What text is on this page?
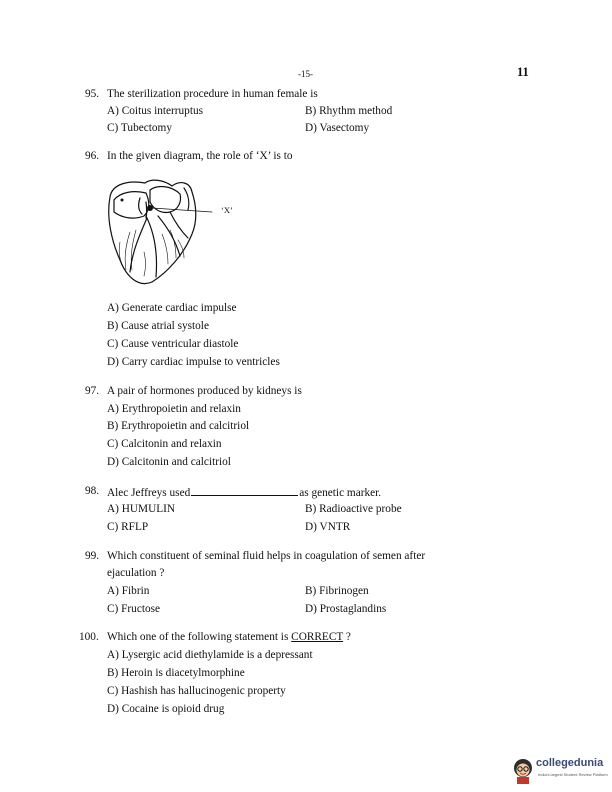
-15-	11
95. The sterilization procedure in human female is
A) Coitus interruptus	B) Rhythm method
C) Tubectomy	D) Vasectomy
96. In the given diagram, the role of ‘X’ is to
‘X’
A) Generate cardiac impulse
B) Cause atrial systole
C) Cause ventricular diastole
D) Carry cardiac impulse to ventricles
97. A pair of hormones produced by kidneys is
A) Erythropoietin and relaxin
B) Erythropoietin and calcitriol
C) Calcitonin and relaxin
D) Calcitonin and calcitriol
98. Alec Jeffreys used	as genetic marker.
A) HUMULIN	B) Radioactive probe
C) RFLP	D) VNTR
99. Which constituent of seminal fluid helps in coagulation of semen after
ejaculation ?
A) Fibrin	B) Fibrinogen
C) Fructose	D) Prostaglandins
100. Which one of the following statement is CORRECT ?
A) Lysergic acid diethylamide is a depressant
B) Heroin is diacetylmorphine
C) Hashish has hallucinogenic property
D) Cocaine is opioid drug
collegedunia
India's largest Student Review Platform
